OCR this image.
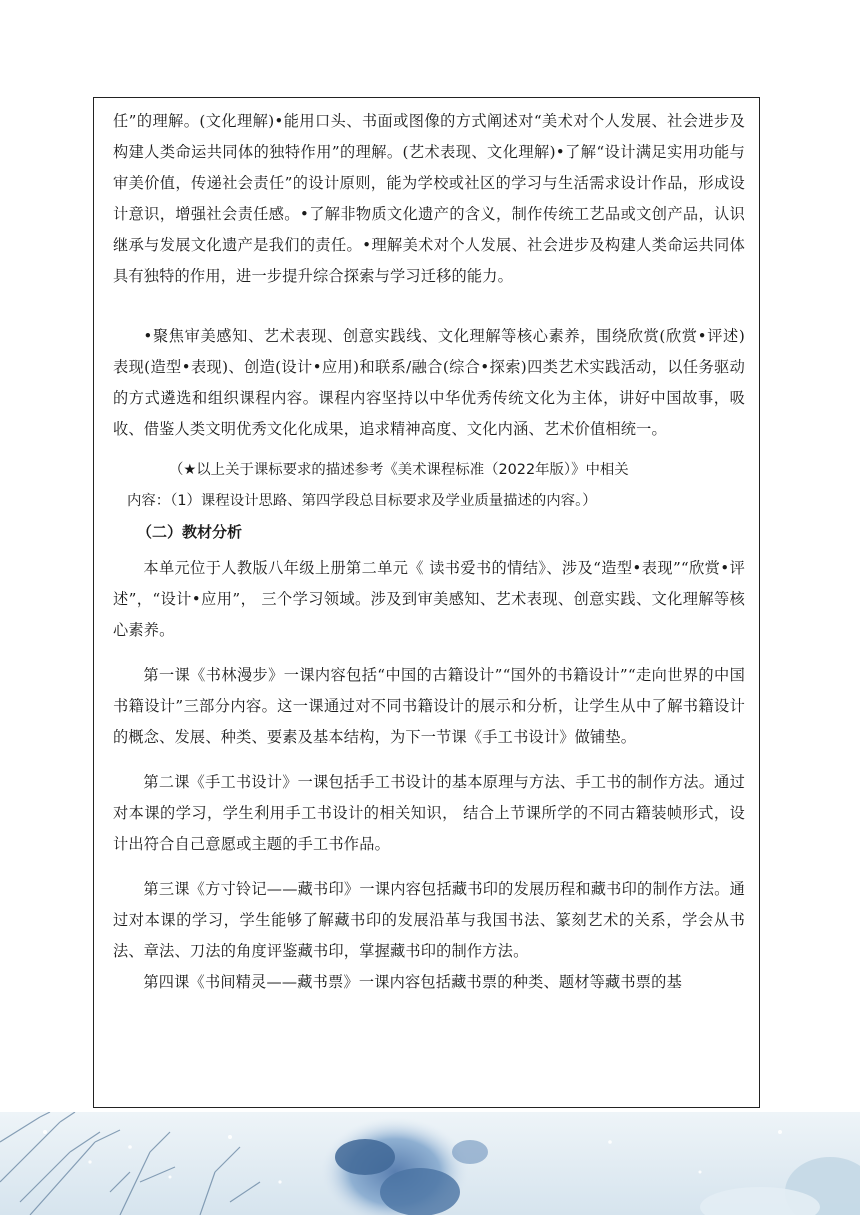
任”的理解。(文化理解)•能用口头、书面或图像的方式阐述对“美术对个人发展、社会进步及构建人类命运共同体的独特作用”的理解。(艺术表现、文化理解)•了解“设计满足实用功能与审美价值，传递社会责任”的设计原则，能为学校或社区的学习与生活需求设计作品，形成设计意识，增强社会责任感。•了解非物质文化遗产的含义，制作传统工艺品或文创产品，认识继承与发展文化遗产是我们的责任。•理解美术对个人发展、社会进步及构建人类命运共同体具有独特的作用，进一步提升综合探索与学习迁移的能力。

•聚焦审美感知、艺术表现、创意实践线、文化理解等核心素养，围绕欣赏(欣赏•评述) 表现(造型•表现)、创造(设计•应用)和联系/融合(综合•探索)四类艺术实践活动，以任务驱动的方式遴选和组织课程内容。课程内容坚持以中华优秀传统文化为主体，讲好中国故事，吸收、借鉴人类文明优秀文化化成果，追求精神高度、文化内涵、艺术价值相统一。

（★以上关于课标要求的描述参考《美术课程标准（2022年版）》中相关
内容：（1）课程设计思路、第四学段总目标要求及学业质量描述的内容。）

（二）教材分析

本单元位于人教版八年级上册第二单元《 读书爱书的情结》、涉及“造型•表现”“欣赏•评述”，“设计•应用”， 三个学习领域。涉及到审美感知、艺术表现、创意实践、文化理解等核心素养。

第一课《书林漫步》一课内容包括“中国的古籍设计”“国外的书籍设计”“走向世界的中国书籍设计”三部分内容。这一课通过对不同书籍设计的展示和分析，让学生从中了解书籍设计的概念、发展、种类、要素及基本结构，为下一节课《手工书设计》做铺垫。

第二课《手工书设计》一课包括手工书设计的基本原理与方法、手工书的制作方法。通过对本课的学习，学生利用手工书设计的相关知识， 结合上节课所学的不同古籍装帧形式，设计出符合自己意愿或主题的手工书作品。

第三课《方寸铃记——藏书印》一课内容包括藏书印的发展历程和藏书印的制作方法。通过对本课的学习，学生能够了解藏书印的发展沿革与我国书法、篆刻艺术的关系，学会从书法、章法、刀法的角度评鉴藏书印，掌握藏书印的制作方法。

第四课《书间精灵——藏书票》一课内容包括藏书票的种类、题材等藏书票的基
